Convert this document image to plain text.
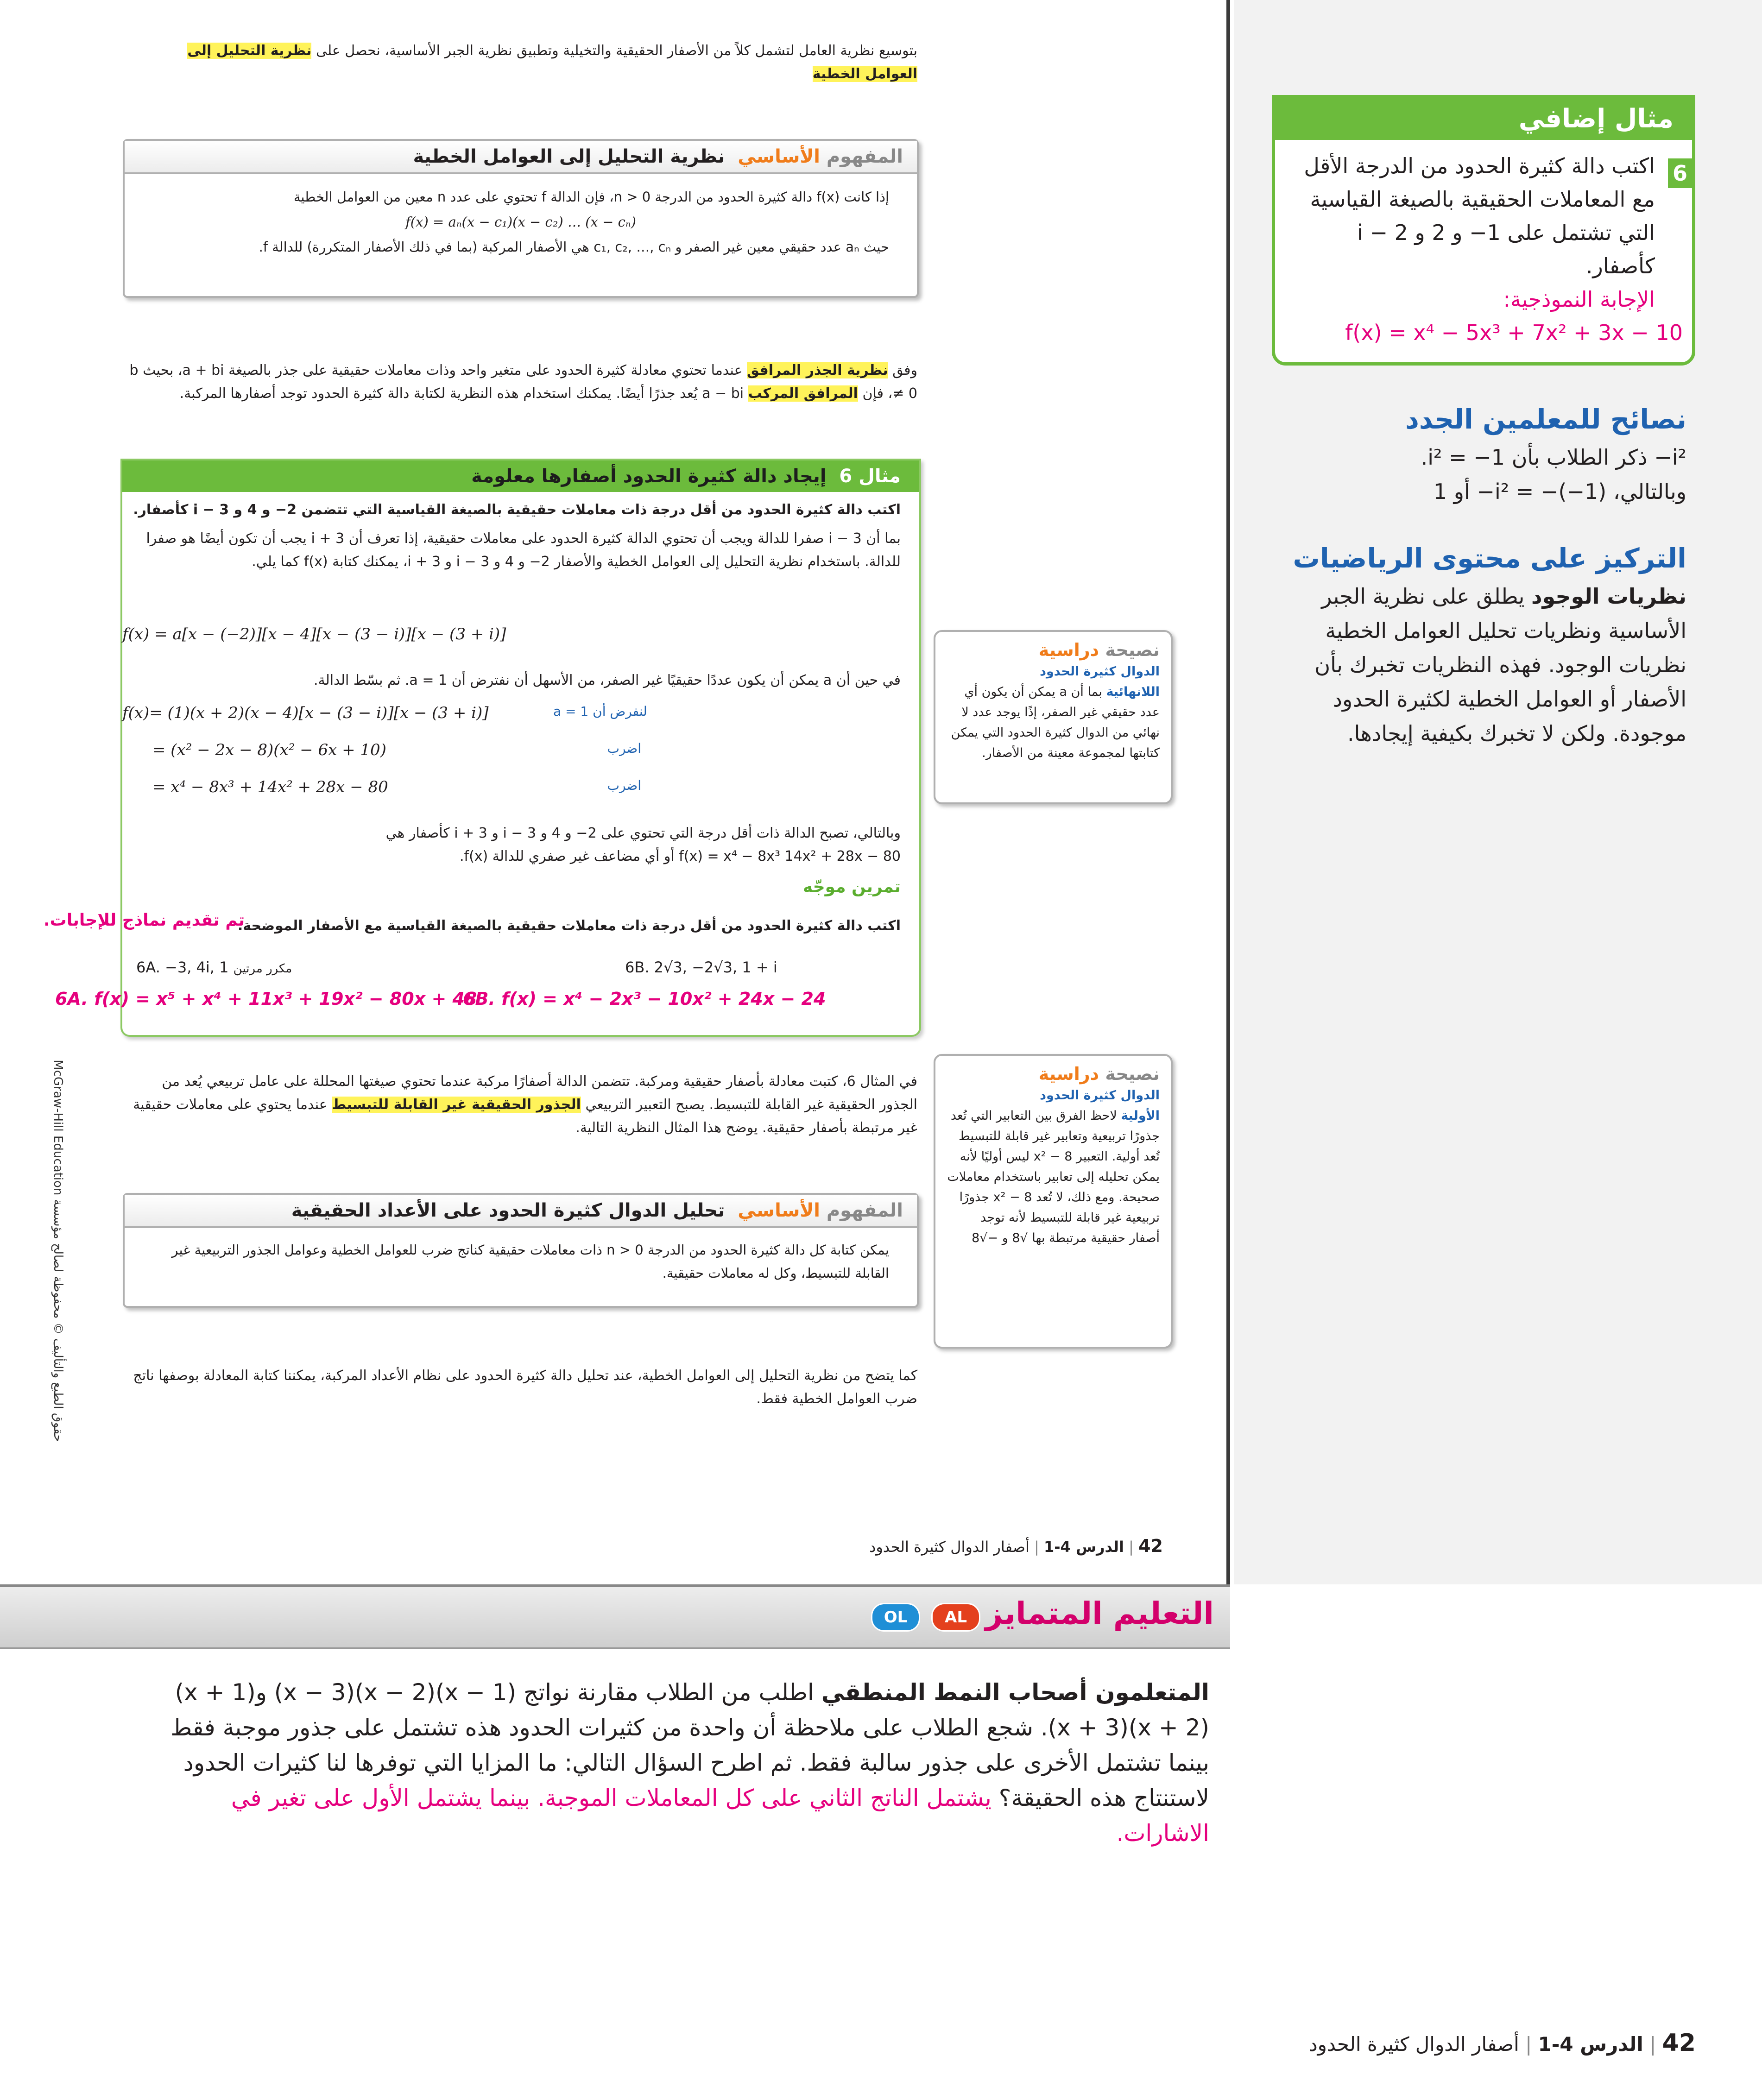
بتوسيع نظرية العامل لتشمل كلاً من الأصفار الحقيقية والتخيلية وتطبيق نظرية الجبر الأساسية، نحصل على نظرية التحليل إلى العوامل الخطية
المفهوم الأساسي  نظرية التحليل إلى العوامل الخطية

إذا كانت f(x) دالة كثيرة الحدود من الدرجة n > 0، فإن الدالة f تحتوي على عدد n معين من العوامل الخطية

f(x) = aₙ(x − c₁)(x − c₂) … (x − cₙ)

حيث aₙ عدد حقيقي معين غير الصفر و c₁, c₂, …, cₙ هي الأصفار المركبة (بما في ذلك الأصفار المتكررة) للدالة f.

وفق نظرية الجذر المرافق عندما تحتوي معادلة كثيرة الحدود على متغير واحد وذات معاملات حقيقية على جذر بالصيغة a + bi، بحيث b ≠ 0، فإن المرافق المركب a − bi يُعد جذرًا أيضًا. يمكنك استخدام هذه النظرية لكتابة دالة كثيرة الحدود توجد أصفارها المركبة.
مثال 6  إيجاد دالة كثيرة الحدود أصفارها معلومة

اكتب دالة كثيرة الحدود من أقل درجة ذات معاملات حقيقية بالصيغة القياسية التي تتضمن 2− و 4 و i − 3 كأصفار.

بما أن i − 3 صفرا للدالة ويجب أن تحتوي الدالة كثيرة الحدود على معاملات حقيقية، إذا تعرف أن i + 3 يجب أن تكون أيضًا هو صفرا للدالة. باستخدام نظرية التحليل إلى العوامل الخطية والأصفار 2− و 4 و i − 3 و i + 3، يمكنك كتابة f(x) كما يلي.

f(x) = a[x − (−2)][x − 4][x − (3 − i)][x − (3 + i)]
في حين أن a يمكن أن يكون عددًا حقيقيًا غير الصفر، من الأسهل أن نفترض أن a = 1. ثم بسّط الدالة.
f(x)= (1)(x + 2)(x − 4)[x − (3 − i)][x − (3 + i)]	لنفرض أن a = 1
= (x² − 2x − 8)(x² − 6x + 10)	اضرب
= x⁴ − 8x³ + 14x² + 28x − 80	اضرب

وبالتالي، تصبح الدالة ذات أقل درجة التي تحتوي على 2− و 4 و i − 3 و i + 3 كأصفار هي

f(x) = x⁴ − 8x³ 14x² + 28x − 80 أو أي مضاعف غير صفري للدالة f(x).

تمرين موجّه
اكتب دالة كثيرة الحدود من أقل درجة ذات معاملات حقيقية بالصيغة القياسية مع الأصفار الموضحة.
تم تقديم نماذج للإجابات.
6A. −3, 4i, 1 مكرر مرتين	6B. 2√3, −2√3, 1 + i
6A. f(x) = x⁵ + x⁴ + 11x³ + 19x² − 80x + 48
6B. f(x) = x⁴ − 2x³ − 10x² + 24x − 24
نصيحة دراسية
الدوال كثيرة الحدود

اللانهائية بما أن a يمكن أن يكون أي عدد حقيقي غير الصفر، إذًا يوجد عدد لا نهائي من الدوال كثيرة الحدود التي يمكن كتابتها لمجموعة معينة من الأصفار.

نصيحة دراسية
الدوال كثيرة الحدود

الأولية لاحظ الفرق بين التعابير التي تُعد جذورًا تربيعية وتعابير غير قابلة للتبسيط تُعد أولية. التعبير x² − 8 ليس أوليًا لأنه يمكن تحليله إلى تعابير باستخدام معاملات صحيحة. ومع ذلك، لا تُعد x² − 8 جذورًا تربيعية غير قابلة للتبسيط لأنه توجد أصفار حقيقية مرتبطة بها √8 و −√8

في المثال 6، كتبت معادلة بأصفار حقيقية ومركبة. تتضمن الدالة أصفارًا مركبة عندما تحتوي صيغتها المحللة على عامل تربيعي يُعد من الجذور الحقيقية غير القابلة للتبسيط. يصبح التعبير التربيعي الجذور الحقيقية غير القابلة للتبسيط عندما يحتوي على معاملات حقيقية غير مرتبطة بأصفار حقيقية. يوضح هذا المثال النظرية التالية.
المفهوم الأساسي  تحليل الدوال كثيرة الحدود على الأعداد الحقيقية

يمكن كتابة كل دالة كثيرة الحدود من الدرجة n > 0 ذات معاملات حقيقية كناتج ضرب للعوامل الخطية وعوامل الجذور التربيعية غير القابلة للتبسيط، وكل له معاملات حقيقية.

كما يتضح من نظرية التحليل إلى العوامل الخطية، عند تحليل دالة كثيرة الحدود على نظام الأعداد المركبة، يمكننا كتابة المعادلة بوصفها ناتج ضرب العوامل الخطية فقط.
حقوق الطبع والتأليف © محفوظة لصالح مؤسسة McGraw-Hill Education
42 | الدرس 4-1 | أصفار الدوال كثيرة الحدود
مثال إضافي
6

اكتب دالة كثيرة الحدود من الدرجة الأقل مع المعاملات الحقيقية بالصيغة القياسية التي تشتمل على 1− و 2 و i − 2 كأصفار.

الإجابة النموذجية:

f(x) = x⁴ − 5x³ + 7x² + 3x − 10

نصائح للمعلمين الجدد

i²− ذكر الطلاب بأن 1− = i².

وبالتالي، (1−)− = i²− أو 1

التركيز على محتوى الرياضيات

نظريات الوجود يطلق على نظرية الجبر الأساسية ونظريات تحليل العوامل الخطية نظريات الوجود. فهذه النظريات تخبرك بأن الأصفار أو العوامل الخطية لكثيرة الحدود موجودة. ولكن لا تخبرك بكيفية إيجادها.

التعليم المتمايز
AL
OL
المتعلمون أصحاب النمط المنطقي اطلب من الطلاب مقارنة نواتج (x − 1)(x − 2)(x − 3) و(x + 1)(x + 2)(x + 3). شجع الطلاب على ملاحظة أن واحدة من كثيرات الحدود هذه تشتمل على جذور موجبة فقط بينما تشتمل الأخرى على جذور سالبة فقط. ثم اطرح السؤال التالي: ما المزايا التي توفرها لنا كثيرات الحدود لاستنتاج هذه الحقيقة؟ يشتمل الناتج الثاني على كل المعاملات الموجبة. بينما يشتمل الأول على تغير في الاشارات.
42 | الدرس 4-1 | أصفار الدوال كثيرة الحدود
